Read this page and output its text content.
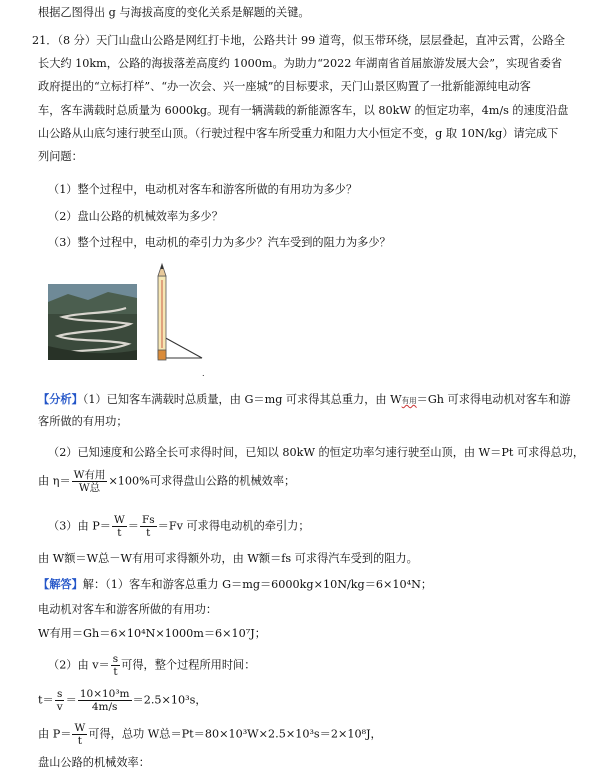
根据乙图得出 g 与海拔高度的变化关系是解题的关键。
21．（8 分）天门山盘山公路是网红打卡地，公路共计 99 道弯，似玉带环绕，层层叠起，直冲云霄，公路全
长大约 10km，公路的海拔落差高度约 1000m。为助力“2022 年湖南省首届旅游发展大会”，实现省委省
政府提出的“立标打样”、“办一次会、兴一座城”的目标要求，天门山景区购置了一批新能源纯电动客
车，客车满载时总质量为 6000kg。现有一辆满载的新能源客车，以 80kW 的恒定功率，4m/s 的速度沿盘
山公路从山底匀速行驶至山顶。（行驶过程中客车所受重力和阻力大小恒定不变，g 取 10N/kg）请完成下
列问题：
（1）整个过程中，电动机对客车和游客所做的有用功为多少？
（2）盘山公路的机械效率为多少？
（3）整个过程中，电动机的牵引力为多少？汽车受到的阻力为多少？
.
【分析】（1）已知客车满载时总质量，由 G＝mg 可求得其总重力，由 W有用＝Gh 可求得电动机对客车和游
客所做的有用功；
（2）已知速度和公路全长可求得时间，已知以 80kW 的恒定功率匀速行驶至山顶，由 W＝Pt 可求得总功，
由 $\eta= \frac{\text{W有用}}{\text{W总}} \times 100\%$可求得盘山公路的机械效率；
（3）由 $P= \frac{W}{t} = \frac{Fs}{t} =Fv$ 可求得电动机的牵引力；
由 W额＝W总－W有用可求得额外功，由 W额＝fs 可求得汽车受到的阻力。
【解答】解：（1）客车和游客总重力 G＝mg＝6000kg×10N/kg＝6×10⁴N；
电动机对客车和游客所做的有用功：
W有用＝Gh＝6×10⁴N×1000m＝6×10⁷J；
（2）由 $v= \frac{s}{t}$ 可得，整个过程所用时间：
$t= \frac{s}{v} = \frac{\text{10×10³m}}{4m/s} =2.5\times 10^3s$，
由 $P= \frac{W}{t}$ 可得，总功 W总＝Pt＝80×10³W×2.5×10³s＝2×10⁸J，
盘山公路的机械效率：
